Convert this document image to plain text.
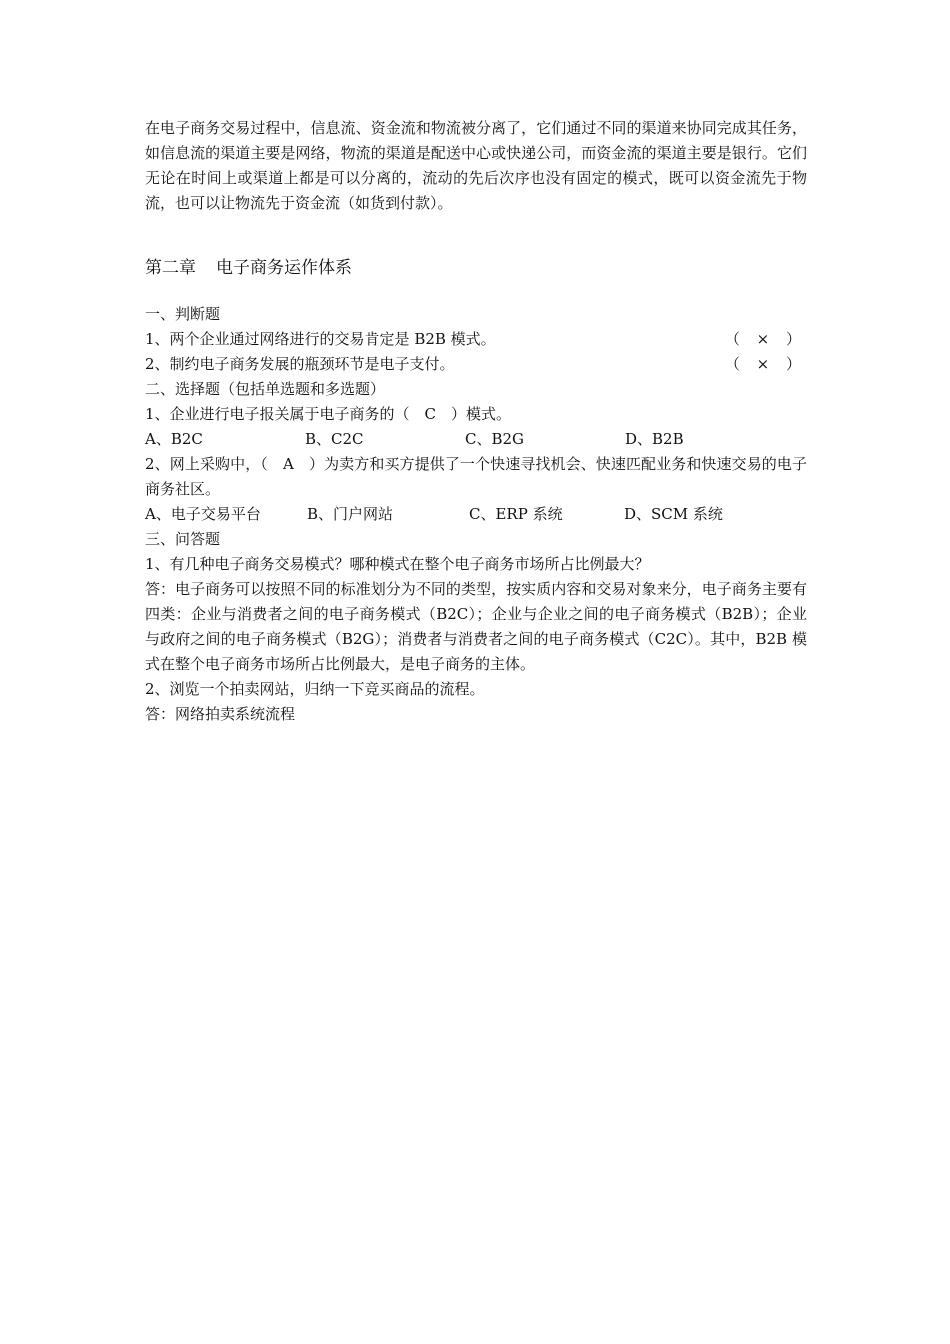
在电子商务交易过程中，信息流、资金流和物流被分离了，它们通过不同的渠道来协同完成其任务，如信息流的渠道主要是网络，物流的渠道是配送中心或快递公司，而资金流的渠道主要是银行。它们无论在时间上或渠道上都是可以分离的，流动的先后次序也没有固定的模式，既可以资金流先于物流，也可以让物流先于资金流（如货到付款）。

第二章 电子商务运作体系

一、判断题

1、两个企业通过网络进行的交易肯定是 B2B 模式。	（ × ）
2、制约电子商务发展的瓶颈环节是电子支付。	（ × ）

二、选择题（包括单选题和多选题）

1、企业进行电子报关属于电子商务的（　C　）模式。

A、B2C	B、C2C	C、B2G	D、B2B

2、网上采购中，（　A　）为卖方和买方提供了一个快速寻找机会、快速匹配业务和快速交易的电子商务社区。

A、电子交易平台	B、门户网站	C、ERP 系统	D、SCM 系统

三、问答题

1、有几种电子商务交易模式？哪种模式在整个电子商务市场所占比例最大？

答：电子商务可以按照不同的标准划分为不同的类型，按实质内容和交易对象来分，电子商务主要有四类：企业与消费者之间的电子商务模式（B2C）；企业与企业之间的电子商务模式（B2B）；企业与政府之间的电子商务模式（B2G）；消费者与消费者之间的电子商务模式（C2C）。其中，B2B 模式在整个电子商务市场所占比例最大，是电子商务的主体。

2、浏览一个拍卖网站，归纳一下竞买商品的流程。

答：网络拍卖系统流程
